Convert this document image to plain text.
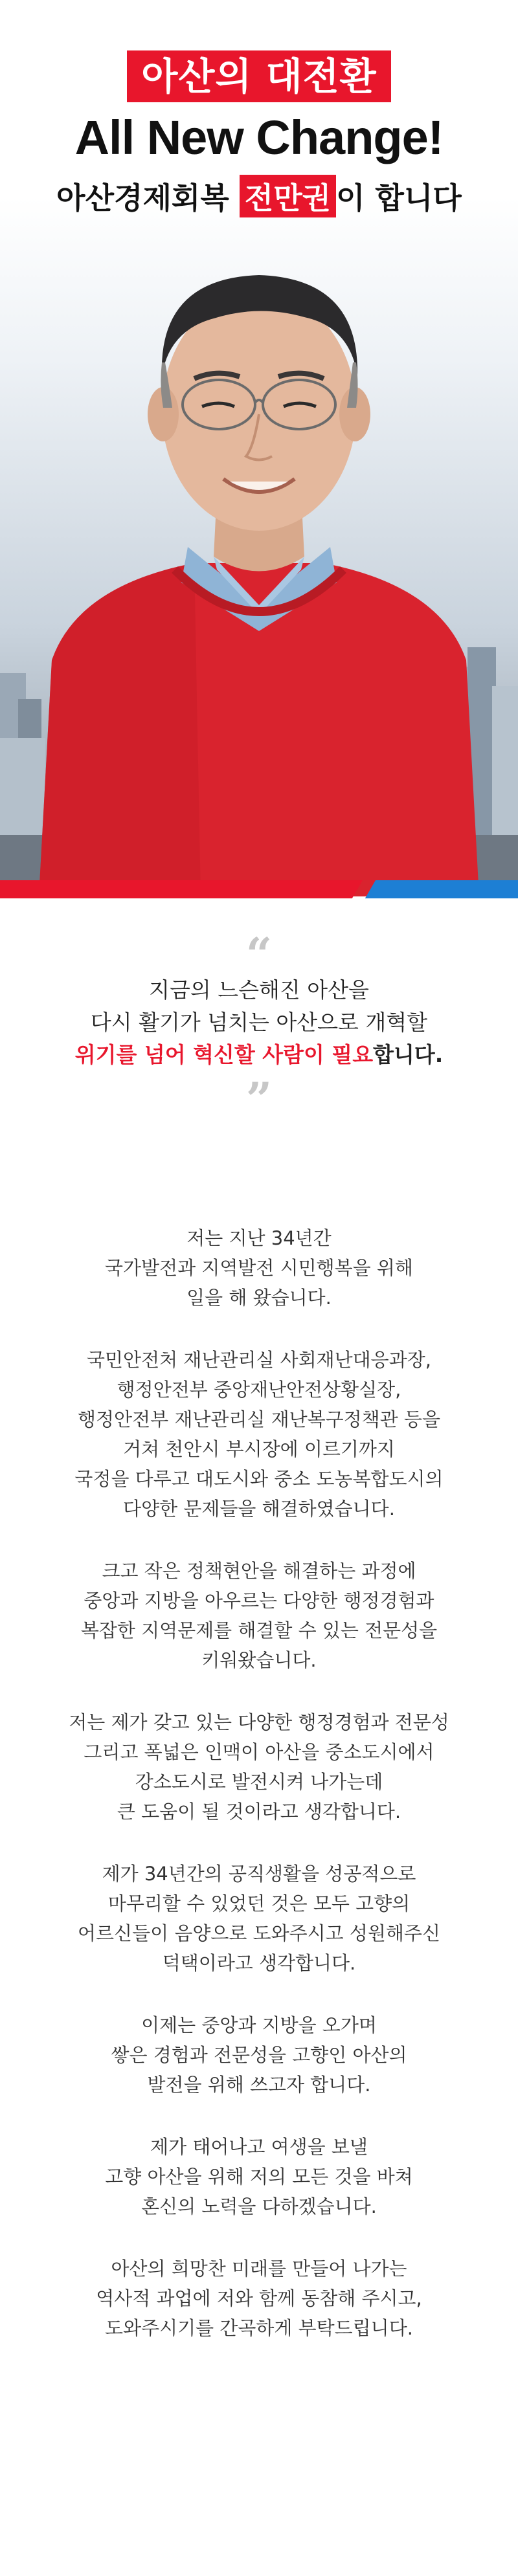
아산의 대전환
All New Change!
아산경제회복 전만권 이 합니다
“
지금의 느슨해진 아산을
다시 활기가 넘치는 아산으로 개혁할
위기를 넘어 혁신할 사람이 필요합니다.
”
저는 지난 34년간
국가발전과 지역발전 시민행복을 위해
일을 해 왔습니다.
국민안전처 재난관리실 사회재난대응과장,
행정안전부 중앙재난안전상황실장,
행정안전부 재난관리실 재난복구정책관 등을
거쳐 천안시 부시장에 이르기까지
국정을 다루고 대도시와 중소 도농복합도시의
다양한 문제들을 해결하였습니다.
크고 작은 정책현안을 해결하는 과정에
중앙과 지방을 아우르는 다양한 행정경험과
복잡한 지역문제를 해결할 수 있는 전문성을
키워왔습니다.
저는 제가 갖고 있는 다양한 행정경험과 전문성
그리고 폭넓은 인맥이 아산을 중소도시에서
강소도시로 발전시켜 나가는데
큰 도움이 될 것이라고 생각합니다.
제가 34년간의 공직생활을 성공적으로
마무리할 수 있었던 것은 모두 고향의
어르신들이 음양으로 도와주시고 성원해주신
덕택이라고 생각합니다.
이제는 중앙과 지방을 오가며
쌓은 경험과 전문성을 고향인 아산의
발전을 위해 쓰고자 합니다.
제가 태어나고 여생을 보낼
고향 아산을 위해 저의 모든 것을 바쳐
혼신의 노력을 다하겠습니다.
아산의 희망찬 미래를 만들어 나가는
역사적 과업에 저와 함께 동참해 주시고,
도와주시기를 간곡하게 부탁드립니다.
